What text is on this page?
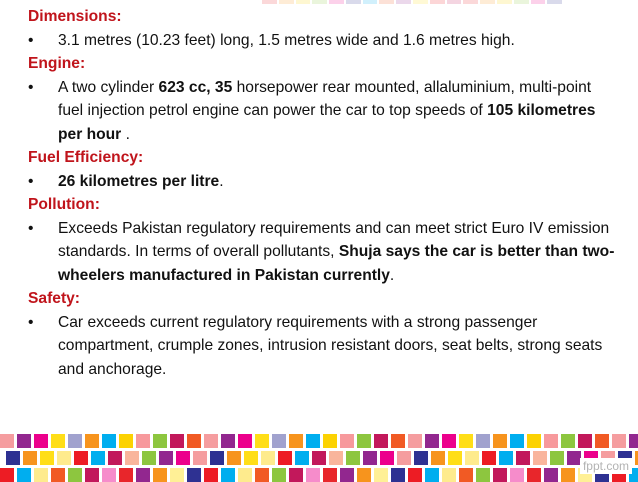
Dimensions:
•	3.1 metres (10.23 feet) long, 1.5 metres wide and 1.6 metres high.
Engine:
•	A two cylinder 623 cc, 35 horsepower rear mounted, allaluminium, multi-point fuel injection petrol engine can power the car to top speeds of 105 kilometres per hour .
Fuel Efficiency:
•	26 kilometres per litre.
Pollution:
•	Exceeds Pakistan regulatory requirements and can meet strict Euro IV emission standards. In terms of overall pollutants, Shuja says the car is better than two-wheelers manufactured in Pakistan currently.
Safety:
•	Car exceeds current regulatory requirements with a strong passenger compartment, crumple zones, intrusion resistant doors, seat belts, strong seats and anchorage.
fppt.com
